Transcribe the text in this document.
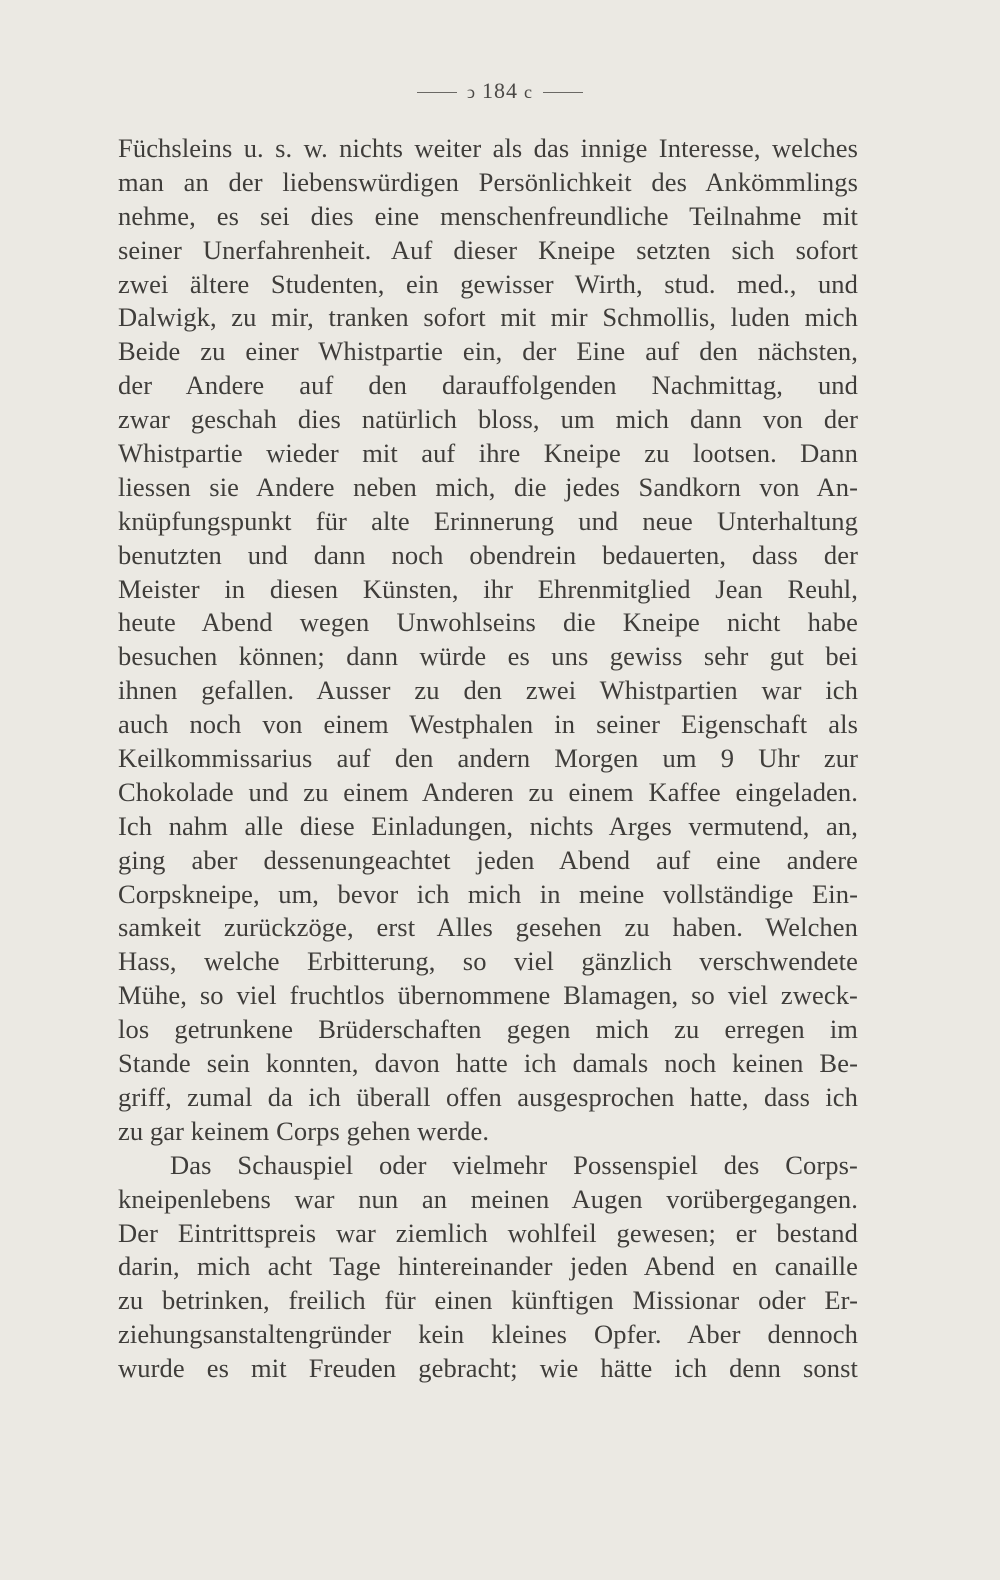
ↄ 184 c
Füchsleins u. s. w. nichts weiter als das innige Interesse, welches
man an der liebenswürdigen Persönlichkeit des Ankömmlings
nehme, es sei dies eine menschenfreundliche Teilnahme mit
seiner Unerfahrenheit. Auf dieser Kneipe setzten sich sofort
zwei ältere Studenten, ein gewisser Wirth, stud. med., und
Dalwigk, zu mir, tranken sofort mit mir Schmollis, luden mich
Beide zu einer Whistpartie ein, der Eine auf den nächsten,
der Andere auf den darauffolgenden Nachmittag, und
zwar geschah dies natürlich bloss, um mich dann von der
Whistpartie wieder mit auf ihre Kneipe zu lootsen. Dann
liessen sie Andere neben mich, die jedes Sandkorn von An-
knüpfungspunkt für alte Erinnerung und neue Unterhaltung
benutzten und dann noch obendrein bedauerten, dass der
Meister in diesen Künsten, ihr Ehrenmitglied Jean Reuhl,
heute Abend wegen Unwohlseins die Kneipe nicht habe
besuchen können; dann würde es uns gewiss sehr gut bei
ihnen gefallen. Ausser zu den zwei Whistpartien war ich
auch noch von einem Westphalen in seiner Eigenschaft als
Keilkommissarius auf den andern Morgen um 9 Uhr zur
Chokolade und zu einem Anderen zu einem Kaffee eingeladen.
Ich nahm alle diese Einladungen, nichts Arges vermutend, an,
ging aber dessenungeachtet jeden Abend auf eine andere
Corpskneipe, um, bevor ich mich in meine vollständige Ein-
samkeit zurückzöge, erst Alles gesehen zu haben. Welchen
Hass, welche Erbitterung, so viel gänzlich verschwendete
Mühe, so viel fruchtlos übernommene Blamagen, so viel zweck-
los getrunkene Brüderschaften gegen mich zu erregen im
Stande sein konnten, davon hatte ich damals noch keinen Be-
griff, zumal da ich überall offen ausgesprochen hatte, dass ich
zu gar keinem Corps gehen werde.
Das Schauspiel oder vielmehr Possenspiel des Corps-
kneipenlebens war nun an meinen Augen vorübergegangen.
Der Eintrittspreis war ziemlich wohlfeil gewesen; er bestand
darin, mich acht Tage hintereinander jeden Abend en canaille
zu betrinken, freilich für einen künftigen Missionar oder Er-
ziehungsanstaltengründer kein kleines Opfer. Aber dennoch
wurde es mit Freuden gebracht; wie hätte ich denn sonst
